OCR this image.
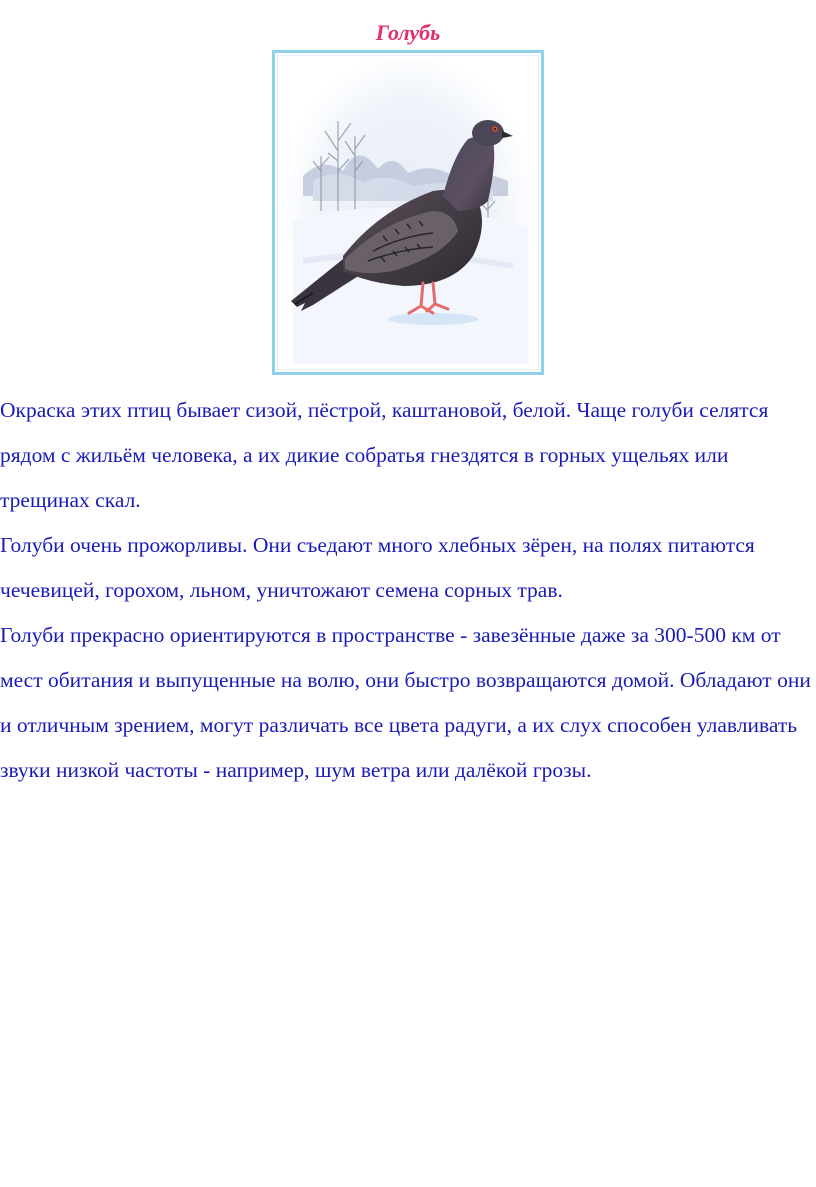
Голубь

Окраска этих птиц бывает сизой, пёстрой, каштановой, белой. Чаще голуби селятся рядом с жильём человека, а их дикие собратья гнездятся в горных ущельях или трещинах скал.

Голуби очень прожорливы. Они съедают много хлебных зёрен, на полях питаются чечевицей, горохом, льном, уничтожают семена сорных трав.

Голуби прекрасно ориентируются в пространстве - завезённые даже за 300-500 км от мест обитания и выпущенные на волю, они быстро возвращаются домой. Обладают они и отличным зрением, могут различать все цвета радуги, а их слух способен улавливать звуки низкой частоты - например, шум ветра или далёкой грозы.
